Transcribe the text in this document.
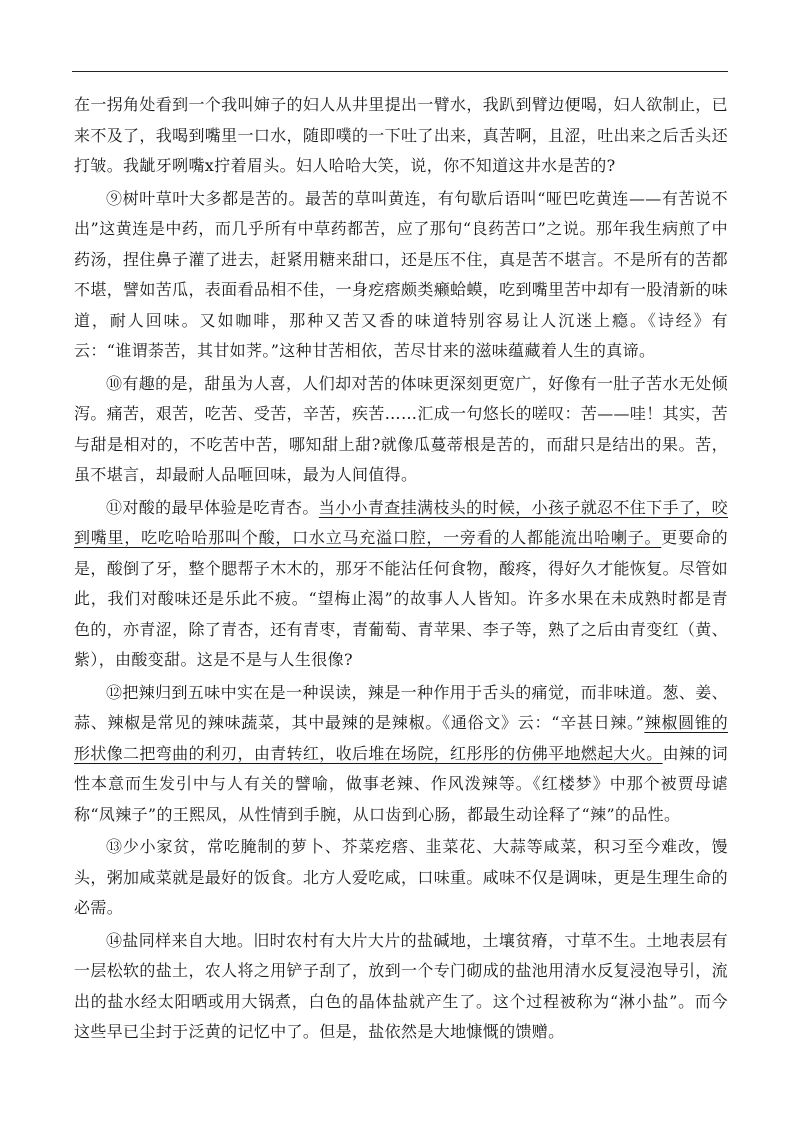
在一拐角处看到一个我叫婶子的妇人从井里提出一臂水，我趴到臂边便喝，妇人欲制止，已来不及了，我喝到嘴里一口水，随即噗的一下吐了出来，真苦啊，且涩，吐出来之后舌头还打皱。我龇牙咧嘴x拧着眉头。妇人哈哈大笑，说，你不知道这井水是苦的?

⑨树叶草叶大多都是苦的。最苦的草叫黄连，有句歇后语叫“哑巴吃黄连——有苦说不出”这黄连是中药，而几乎所有中草药都苦，应了那句“良药苦口”之说。那年我生病煎了中药汤，捏住鼻子灌了进去，赶紧用糖来甜口，还是压不住，真是苦不堪言。不是所有的苦都不堪，譬如苦瓜，表面看品相不佳，一身疙瘩颇类癞蛤蟆，吃到嘴里苦中却有一股清新的味道，耐人回味。又如咖啡，那种又苦又香的味道特别容易让人沉迷上瘾。《诗经》有云：“谁谓荼苦，其甘如荠。”这种甘苦相依，苦尽甘来的滋味蕴藏着人生的真谛。

⑩有趣的是，甜虽为人喜，人们却对苦的体味更深刻更宽广，好像有一肚子苦水无处倾泻。痛苦，艰苦，吃苦、受苦，辛苦，疾苦……汇成一句悠长的嗟叹：苦——哇！其实，苦与甜是相对的，不吃苦中苦，哪知甜上甜?就像瓜蔓蒂根是苦的，而甜只是结出的果。苦，虽不堪言，却最耐人品咂回味，最为人间值得。

⑪对酸的最早体验是吃青杏。当小小青查挂满枝头的时候，小孩子就忍不住下手了，咬到嘴里，吃吃哈哈那叫个酸，口水立马充溢口腔，一旁看的人都能流出哈喇子。更要命的是，酸倒了牙，整个腮帮子木木的，那牙不能沾任何食物，酸疼，得好久才能恢复。尽管如此，我们对酸味还是乐此不疲。“望梅止渴”的故事人人皆知。许多水果在未成熟时都是青色的，亦青涩，除了青杏，还有青枣，青葡萄、青苹果、李子等，熟了之后由青变红（黄、紫），由酸变甜。这是不是与人生很像?

⑫把辣归到五味中实在是一种误读，辣是一种作用于舌头的痛觉，而非味道。葱、姜、蒜、辣椒是常见的辣味蔬菜，其中最辣的是辣椒。《通俗文》云：“辛甚日辣。”辣椒圆锥的形状像二把弯曲的利刃，由青转红，收后堆在场院，红彤彤的仿佛平地燃起大火。由辣的词性本意而生发引中与人有关的譬喻，做事老辣、作风泼辣等。《红楼梦》中那个被贾母谑称“凤辣子”的王熙凤，从性情到手腕，从口齿到心肠，都最生动诠释了“辣”的品性。

⑬少小家贫，常吃腌制的萝卜、芥菜疙瘩、韭菜花、大蒜等咸菜，积习至今难改，馒头，粥加咸菜就是最好的饭食。北方人爱吃咸，口味重。咸味不仅是调味，更是生理生命的必需。

⑭盐同样来自大地。旧时农村有大片大片的盐碱地，土壤贫瘠，寸草不生。土地表层有一层松软的盐土，农人将之用铲子刮了，放到一个专门砌成的盐池用清水反复浸泡导引，流出的盐水经太阳晒或用大锅煮，白色的晶体盐就产生了。这个过程被称为“淋小盐”。而今这些早已尘封于泛黄的记忆中了。但是，盐依然是大地慷慨的馈赠。
